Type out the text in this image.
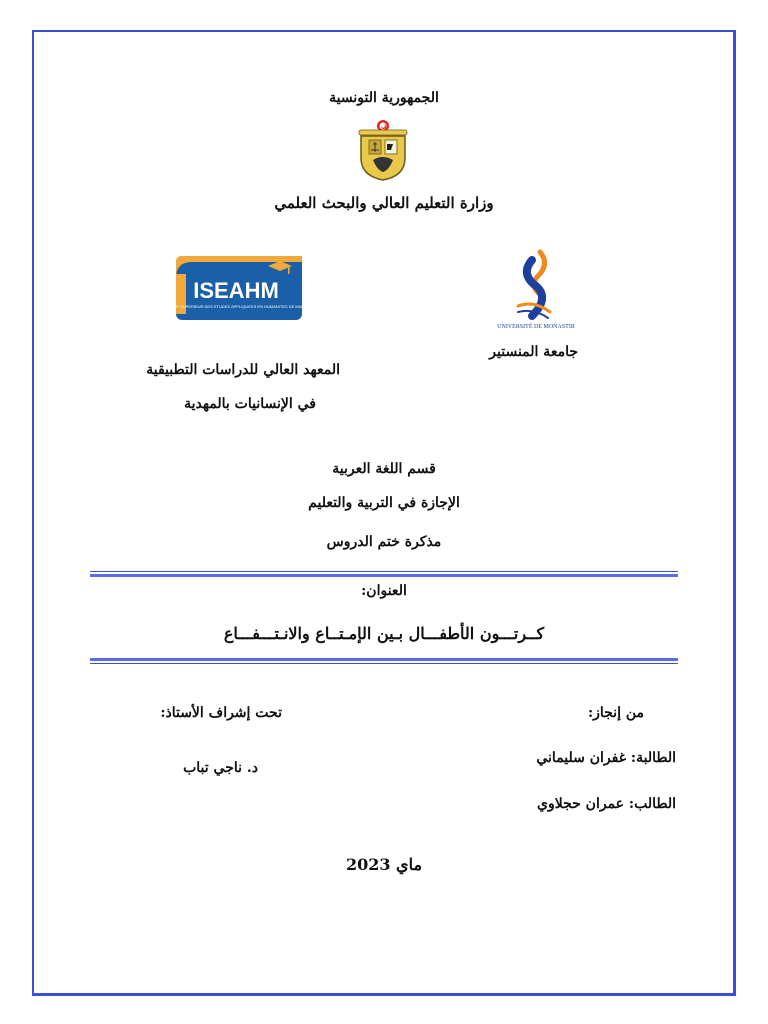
الجمهورية التونسية
وزارة التعليم العالي والبحث العلمي
ISEAHM
INSTITUT SUPERIEUR DES ETUDES APPLIQUEES EN HUMANITES DE MAHDIA
UNIVERSITÉ DE MONASTIR
جامعة المنستير
المعهد العالي للدراسات التطبيقية
في الإنسانيات بالمهدية
قسم اللغة العربية
الإجازة في التربية والتعليم
مذكرة ختم الدروس
العنوان:
كــرتـــون الأطفـــال بـين الإمـتــاع والانـتـــفـــاع
من إنجاز:
تحت إشراف الأستاذ:
الطالبة: غفران سليماني
د. ناجي تباب
الطالب: عمران حجلاوي
ماي 2023
